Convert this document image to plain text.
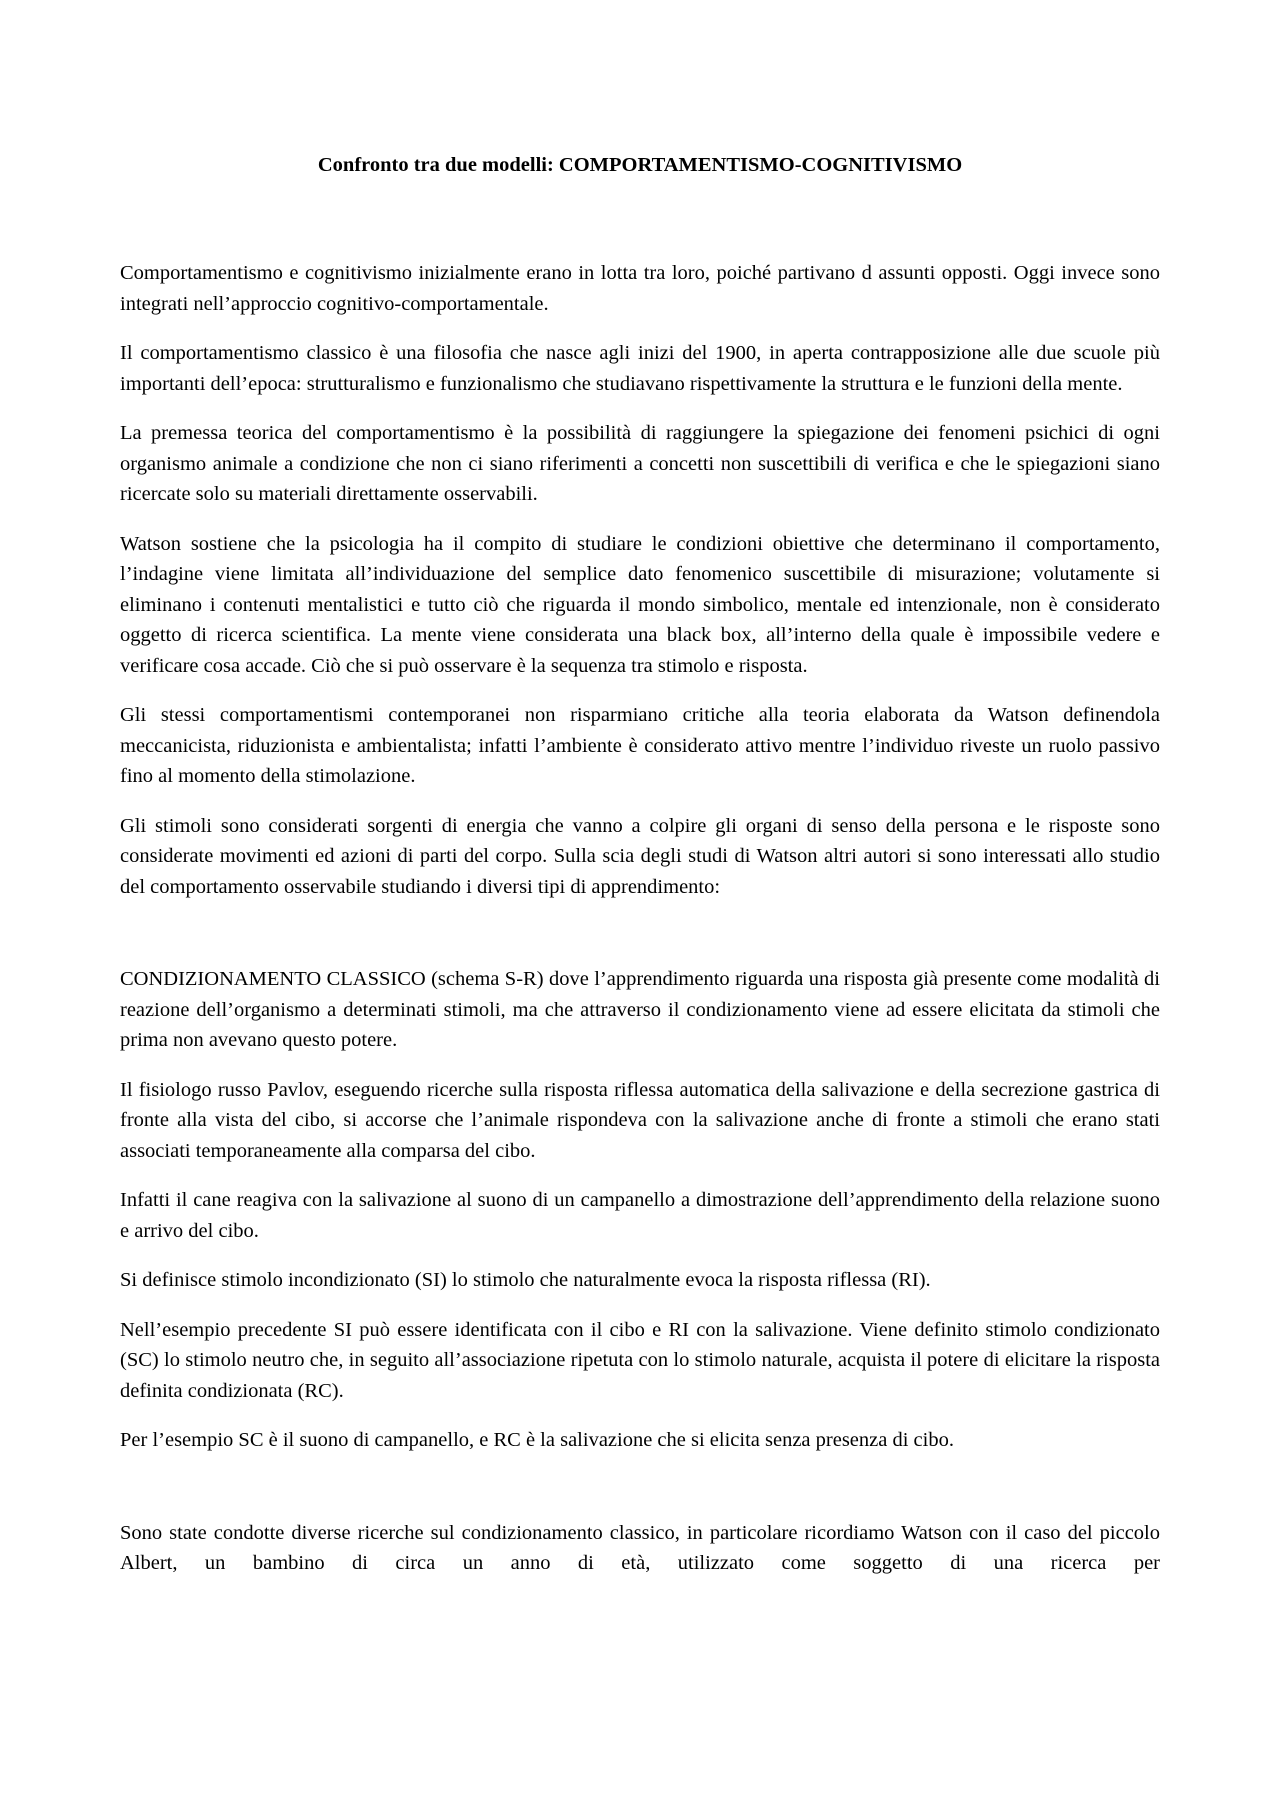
Confronto tra due modelli: COMPORTAMENTISMO-COGNITIVISMO

Comportamentismo e cognitivismo inizialmente erano in lotta tra loro, poiché partivano d assunti opposti. Oggi invece sono integrati nell’approccio cognitivo-comportamentale.

Il comportamentismo classico è una filosofia che nasce agli inizi del 1900, in aperta contrapposizione alle due scuole più importanti dell’epoca: strutturalismo e funzionalismo che studiavano rispettivamente la struttura e le funzioni della mente.

La premessa teorica del comportamentismo è la possibilità di raggiungere la spiegazione dei fenomeni psichici di ogni organismo animale a condizione che non ci siano riferimenti a concetti non suscettibili di verifica e che le spiegazioni siano ricercate solo su materiali direttamente osservabili.

Watson sostiene che la psicologia ha il compito di studiare le condizioni obiettive che determinano il comportamento, l’indagine viene limitata all’individuazione del semplice dato fenomenico suscettibile di misurazione; volutamente si eliminano i contenuti mentalistici e tutto ciò che riguarda il mondo simbolico, mentale ed intenzionale, non è considerato oggetto di ricerca scientifica. La mente viene considerata una black box, all’interno della quale è impossibile vedere e verificare cosa accade. Ciò che si può osservare è la sequenza tra stimolo e risposta.

Gli stessi comportamentismi contemporanei non risparmiano critiche alla teoria elaborata da Watson definendola meccanicista, riduzionista e ambientalista; infatti l’ambiente è considerato attivo mentre l’individuo riveste un ruolo passivo fino al momento della stimolazione.

Gli stimoli sono considerati sorgenti di energia che vanno a colpire gli organi di senso della persona e le risposte sono considerate movimenti ed azioni di parti del corpo. Sulla scia degli studi di Watson altri autori si sono interessati allo studio del comportamento osservabile studiando i diversi tipi di apprendimento:

CONDIZIONAMENTO CLASSICO (schema S-R) dove l’apprendimento riguarda una risposta già presente come modalità di reazione dell’organismo a determinati stimoli, ma che attraverso il condizionamento viene ad essere elicitata da stimoli che prima non avevano questo potere.

Il fisiologo russo Pavlov, eseguendo ricerche sulla risposta riflessa automatica della salivazione e della secrezione gastrica di fronte alla vista del cibo, si accorse che l’animale rispondeva con la salivazione anche di fronte a stimoli che erano stati associati temporaneamente alla comparsa del cibo.

Infatti il cane reagiva con la salivazione al suono di un campanello a dimostrazione dell’apprendimento della relazione suono e arrivo del cibo.

Si definisce stimolo incondizionato (SI) lo stimolo che naturalmente evoca la risposta riflessa (RI).

Nell’esempio precedente SI può essere identificata con il cibo e RI con la salivazione. Viene definito stimolo condizionato (SC) lo stimolo neutro che, in seguito all’associazione ripetuta con lo stimolo naturale, acquista il potere di elicitare la risposta definita condizionata (RC).

Per l’esempio SC è il suono di campanello, e RC è la salivazione che si elicita senza presenza di cibo.

Sono state condotte diverse ricerche sul condizionamento classico, in particolare ricordiamo Watson con il caso del piccolo Albert, un bambino di circa un anno di età, utilizzato come soggetto di una ricerca per
